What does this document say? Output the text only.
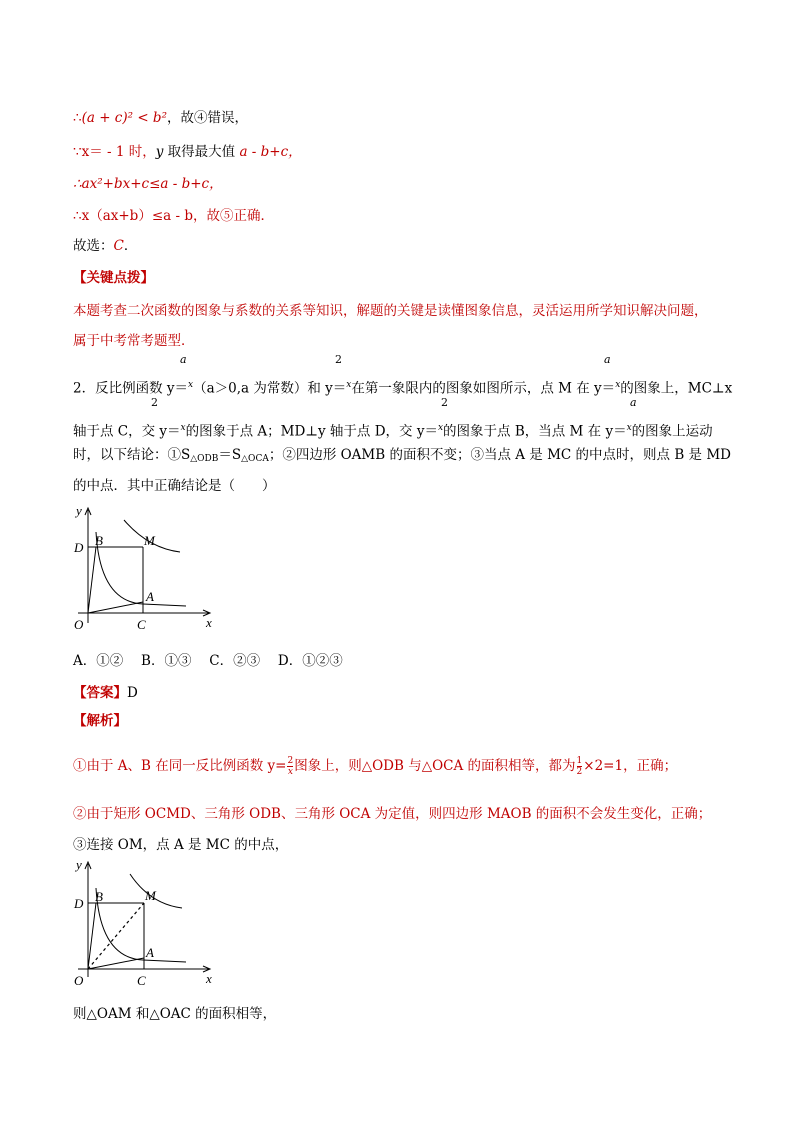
∴(a + c)² < b²，故④错误，
∵x＝ - 1 时，y 取得最大值 a - b+c，
∴ax²+bx+c≤a - b+c，
∴x（ax+b）≤a - b，故⑤正确．
故选：C．
【关键点拨】
本题考查二次函数的图象与系数的关系等知识，解题的关键是读懂图象信息，灵活运用所学知识解决问题，
属于中考常考题型．
a	2	a
2．反比例函数 y＝$^x$（a＞0,a 为常数）和 y＝$^x$在第一象限内的图象如图所示，点 M 在 y＝$^x$的图象上，MC⊥x
2	2	a
轴于点 C，交 y＝$^x$的图象于点 A；MD⊥y 轴于点 D，交 y＝$^x$的图象于点 B，当点 M 在 y＝$^x$的图象上运动
时，以下结论：$①S_{\triangle ODB}=S_{\triangle OCA}$；②四边形 OAMB 的面积不变；③当点 A 是 MC 的中点时，则点 B 是 MD
的中点．其中正确结论是（　　）
y
x
O
D B	M
A
C
A．①②　 B．①③　 C．②③　 D．①②③
【答案】D
【解析】
①由于 A、B 在同一反比例函数 $y= \frac{2}{x}$ 图象上，则△ODB 与△OCA 的面积相等，都为 $\frac{1}{2} \times 2=1$，正确；
②由于矩形 OCMD、三角形 ODB、三角形 OCA 为定值，则四边形 MAOB 的面积不会发生变化，正确；
③连接 OM，点 A 是 MC 的中点，
y
x
O
D B	M
A
C
则△OAM 和△OAC 的面积相等，
